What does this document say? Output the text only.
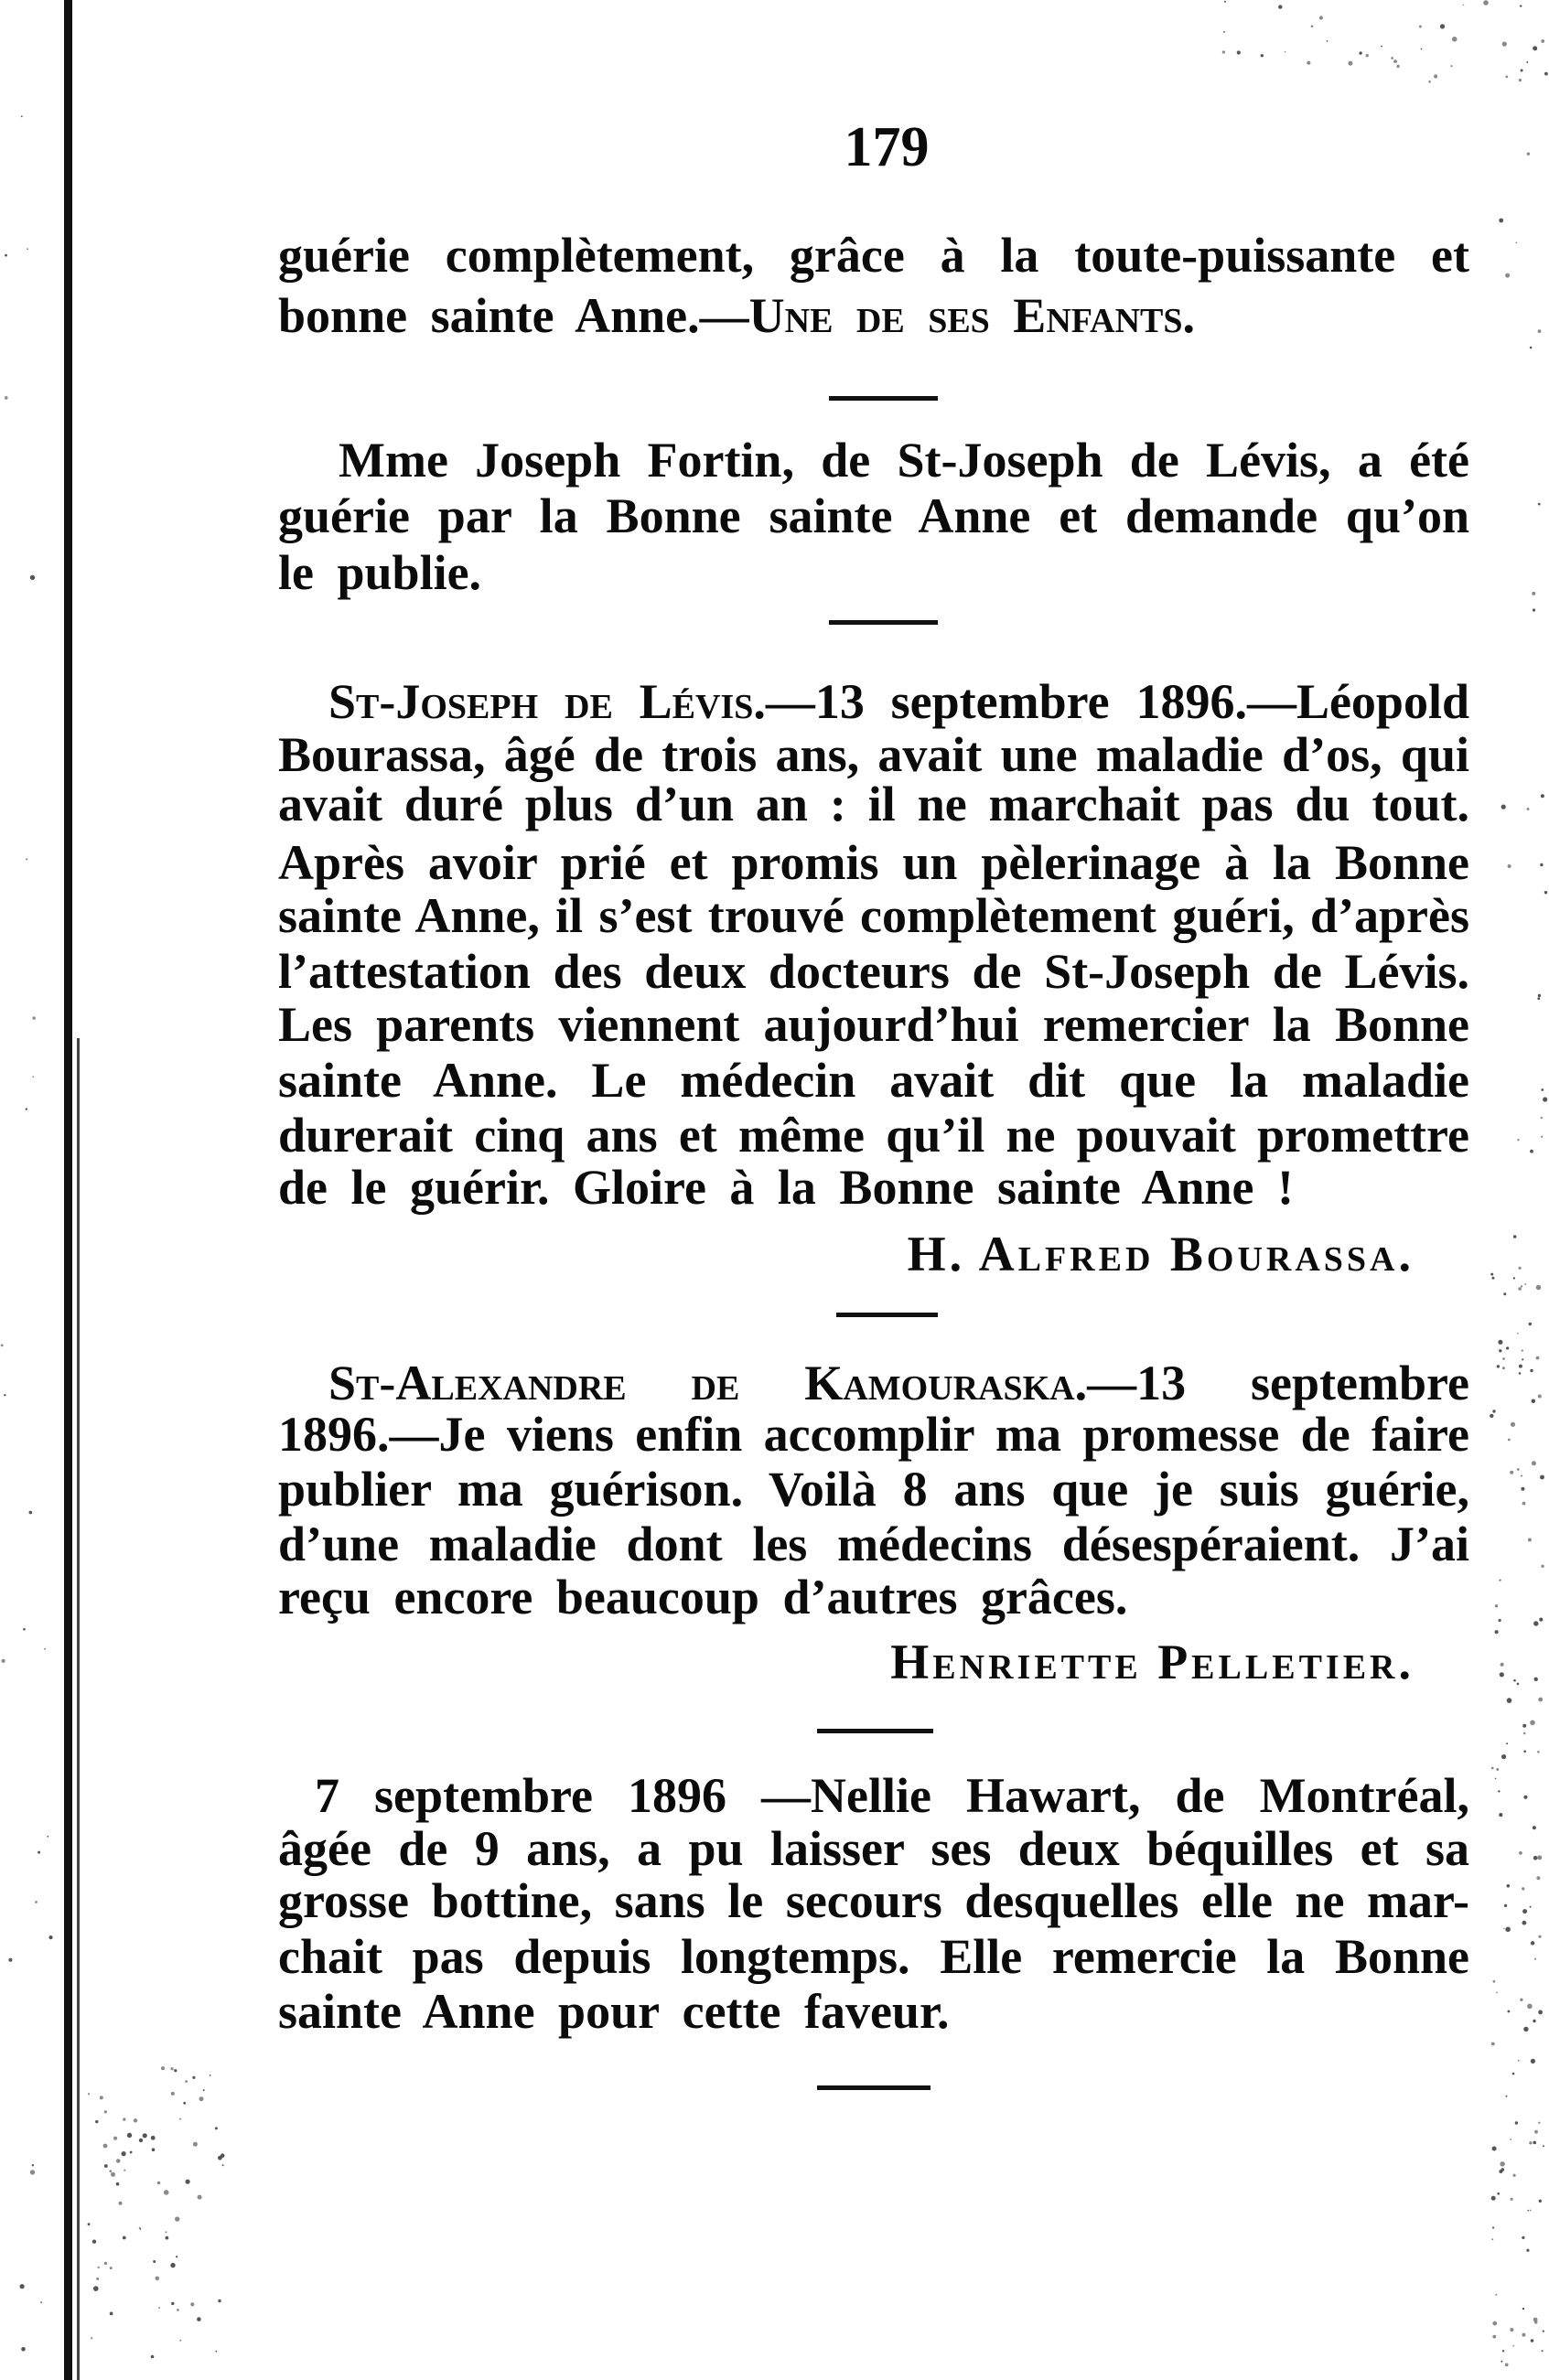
179
guérie complètement, grâce à la toute-puissante et
bonne sainte Anne.—Une de ses Enfants.
Mme Joseph Fortin, de St-Joseph de Lévis, a été
guérie par la Bonne sainte Anne et demande qu’on
le publie.
St-Joseph de Lévis.—13 septembre 1896.—Léopold
Bourassa, âgé de trois ans, avait une maladie d’os, qui
avait duré plus d’un an : il ne marchait pas du tout.
Après avoir prié et promis un pèlerinage à la Bonne
sainte Anne, il s’est trouvé complètement guéri, d’après
l’attestation des deux docteurs de St-Joseph de Lévis.
Les parents viennent aujourd’hui remercier la Bonne
sainte Anne. Le médecin avait dit que la maladie
durerait cinq ans et même qu’il ne pouvait promettre
de le guérir. Gloire à la Bonne sainte Anne !
H. Alfred Bourassa.
St-Alexandre de Kamouraska.—13 septembre
1896.—Je viens enfin accomplir ma promesse de faire
publier ma guérison. Voilà 8 ans que je suis guérie,
d’une maladie dont les médecins désespéraient. J’ai
reçu encore beaucoup d’autres grâces.
Henriette Pelletier.
7 septembre 1896 —Nellie Hawart, de Montréal,
âgée de 9 ans, a pu laisser ses deux béquilles et sa
grosse bottine, sans le secours desquelles elle ne mar-
chait pas depuis longtemps. Elle remercie la Bonne
sainte Anne pour cette faveur.
